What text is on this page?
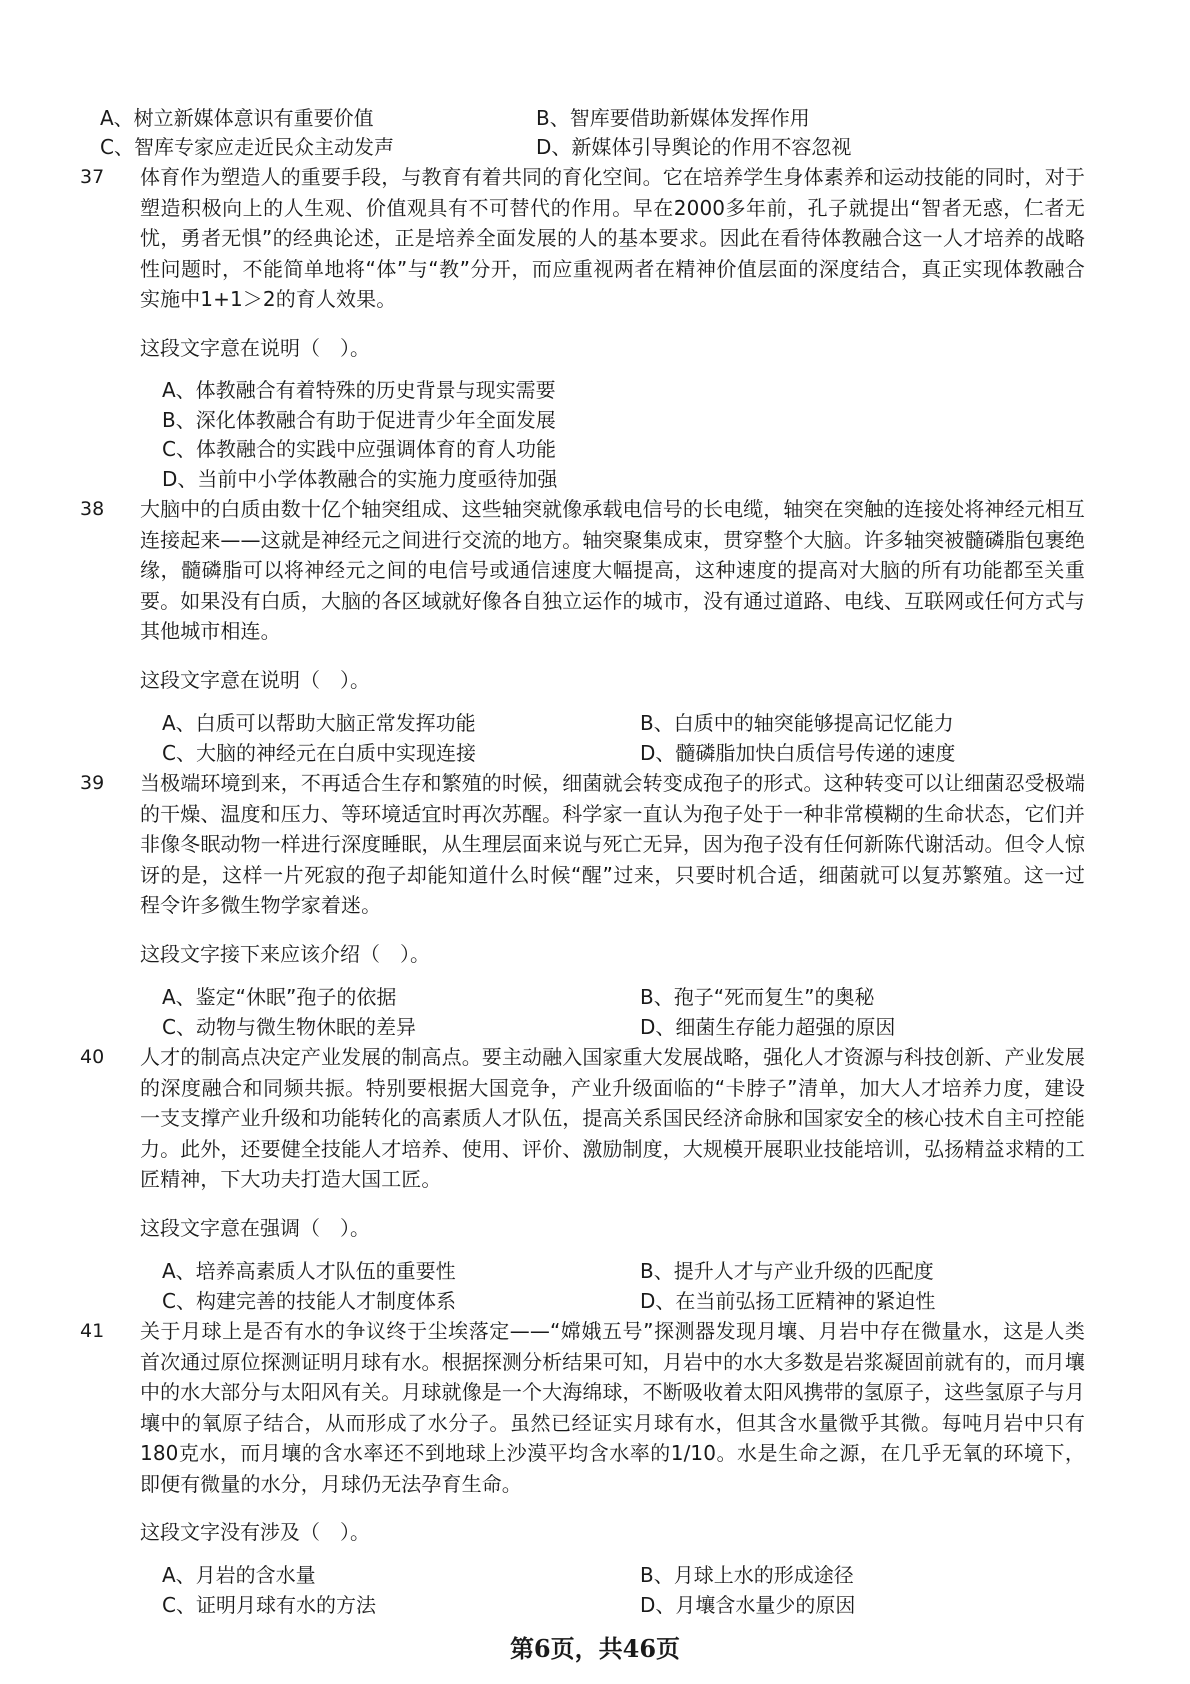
A、树立新媒体意识有重要价值	B、智库要借助新媒体发挥作用
C、智库专家应走近民众主动发声	D、新媒体引导舆论的作用不容忽视
37 体育作为塑造人的重要手段，与教育有着共同的育化空间。它在培养学生身体素养和运动技能的同时，对于塑造积极向上的人生观、价值观具有不可替代的作用。早在2000多年前，孔子就提出“智者无惑，仁者无忧，勇者无惧”的经典论述，正是培养全面发展的人的基本要求。因此在看待体教融合这一人才培养的战略性问题时，不能简单地将“体”与“教”分开，而应重视两者在精神价值层面的深度结合，真正实现体教融合实施中1+1＞2的育人效果。
这段文字意在说明（　）。
A、体教融合有着特殊的历史背景与现实需要
B、深化体教融合有助于促进青少年全面发展
C、体教融合的实践中应强调体育的育人功能
D、当前中小学体教融合的实施力度亟待加强
38 大脑中的白质由数十亿个轴突组成、这些轴突就像承载电信号的长电缆，轴突在突触的连接处将神经元相互连接起来——这就是神经元之间进行交流的地方。轴突聚集成束，贯穿整个大脑。许多轴突被髓磷脂包裹绝缘，髓磷脂可以将神经元之间的电信号或通信速度大幅提高，这种速度的提高对大脑的所有功能都至关重要。如果没有白质，大脑的各区域就好像各自独立运作的城市，没有通过道路、电线、互联网或任何方式与其他城市相连。
这段文字意在说明（　）。
A、白质可以帮助大脑正常发挥功能	B、白质中的轴突能够提高记忆能力
C、大脑的神经元在白质中实现连接	D、髓磷脂加快白质信号传递的速度
39 当极端环境到来，不再适合生存和繁殖的时候，细菌就会转变成孢子的形式。这种转变可以让细菌忍受极端的干燥、温度和压力、等环境适宜时再次苏醒。科学家一直认为孢子处于一种非常模糊的生命状态，它们并非像冬眠动物一样进行深度睡眠，从生理层面来说与死亡无异，因为孢子没有任何新陈代谢活动。但令人惊讶的是，这样一片死寂的孢子却能知道什么时候“醒”过来，只要时机合适，细菌就可以复苏繁殖。这一过程令许多微生物学家着迷。
这段文字接下来应该介绍（　）。
A、鉴定“休眠”孢子的依据	B、孢子“死而复生”的奥秘
C、动物与微生物休眠的差异	D、细菌生存能力超强的原因
40 人才的制高点决定产业发展的制高点。要主动融入国家重大发展战略，强化人才资源与科技创新、产业发展的深度融合和同频共振。特别要根据大国竞争，产业升级面临的“卡脖子”清单，加大人才培养力度，建设一支支撑产业升级和功能转化的高素质人才队伍，提高关系国民经济命脉和国家安全的核心技术自主可控能力。此外，还要健全技能人才培养、使用、评价、激励制度，大规模开展职业技能培训，弘扬精益求精的工匠精神，下大功夫打造大国工匠。
这段文字意在强调（　）。
A、培养高素质人才队伍的重要性	B、提升人才与产业升级的匹配度
C、构建完善的技能人才制度体系	D、在当前弘扬工匠精神的紧迫性
41 关于月球上是否有水的争议终于尘埃落定——“嫦娥五号”探测器发现月壤、月岩中存在微量水，这是人类首次通过原位探测证明月球有水。根据探测分析结果可知，月岩中的水大多数是岩浆凝固前就有的，而月壤中的水大部分与太阳风有关。月球就像是一个大海绵球，不断吸收着太阳风携带的氢原子，这些氢原子与月壤中的氧原子结合，从而形成了水分子。虽然已经证实月球有水，但其含水量微乎其微。每吨月岩中只有180克水，而月壤的含水率还不到地球上沙漠平均含水率的1/10。水是生命之源，在几乎无氧的环境下，即便有微量的水分，月球仍无法孕育生命。
这段文字没有涉及（　）。
A、月岩的含水量	B、月球上水的形成途径
C、证明月球有水的方法	D、月壤含水量少的原因
第6页，共46页
